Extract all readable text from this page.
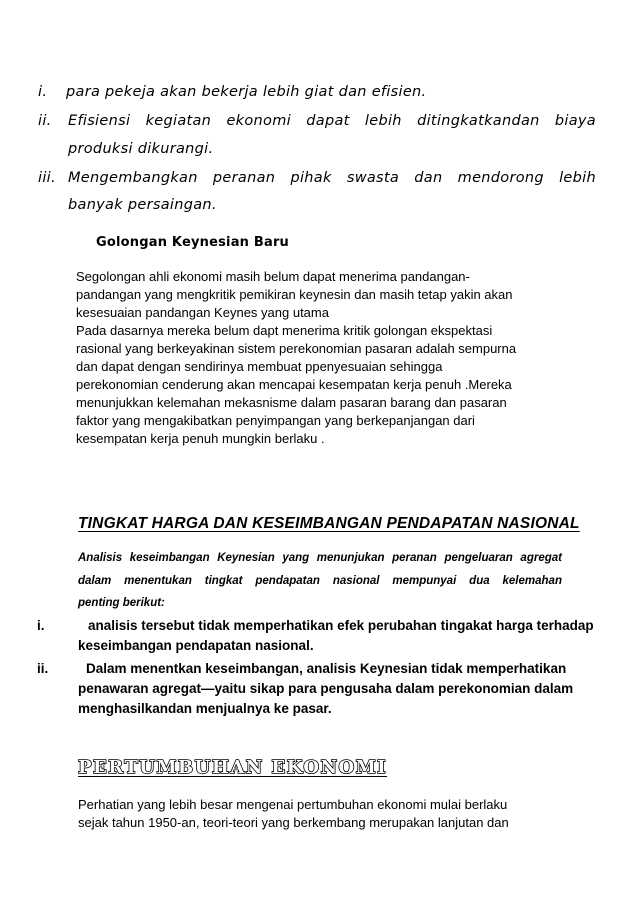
i. para pekeja akan bekerja lebih giat dan efisien.
ii. Efisiensi kegiatan ekonomi dapat lebih ditingkatkandan biaya
produksi dikurangi.
iii. Mengembangkan peranan pihak swasta dan mendorong lebih
banyak persaingan.
Golongan Keynesian Baru
Segolongan ahli ekonomi masih belum dapat menerima pandangan-
pandangan yang mengkritik pemikiran keynesin dan masih tetap yakin akan
kesesuaian pandangan Keynes yang utama
Pada dasarnya mereka belum dapt menerima kritik golongan ekspektasi
rasional yang berkeyakinan sistem perekonomian pasaran adalah sempurna
dan dapat dengan sendirinya membuat ppenyesuaian sehingga
perekonomian cenderung akan mencapai kesempatan kerja penuh .Mereka
menunjukkan kelemahan mekasnisme dalam pasaran barang dan pasaran
faktor yang mengakibatkan penyimpangan yang berkepanjangan dari
kesempatan kerja penuh mungkin berlaku .
TINGKAT HARGA DAN KESEIMBANGAN PENDAPATAN NASIONAL
Analisis keseimbangan Keynesian yang menunjukan peranan pengeluaran agregat
dalam menentukan tingkat pendapatan nasional mempunyai dua kelemahan
penting berikut:
i.	analisis tersebut tidak memperhatikan efek perubahan tingakat harga terhadap
keseimbangan pendapatan nasional.
ii.	Dalam menentkan keseimbangan, analisis Keynesian tidak memperhatikan
penawaran agregat—yaitu sikap para pengusaha dalam perekonomian dalam
menghasilkandan menjualnya ke pasar.
PERTUMBUHAN EKONOMI
Perhatian yang lebih besar mengenai pertumbuhan ekonomi mulai berlaku
sejak tahun 1950-an, teori-teori yang berkembang merupakan lanjutan dan
